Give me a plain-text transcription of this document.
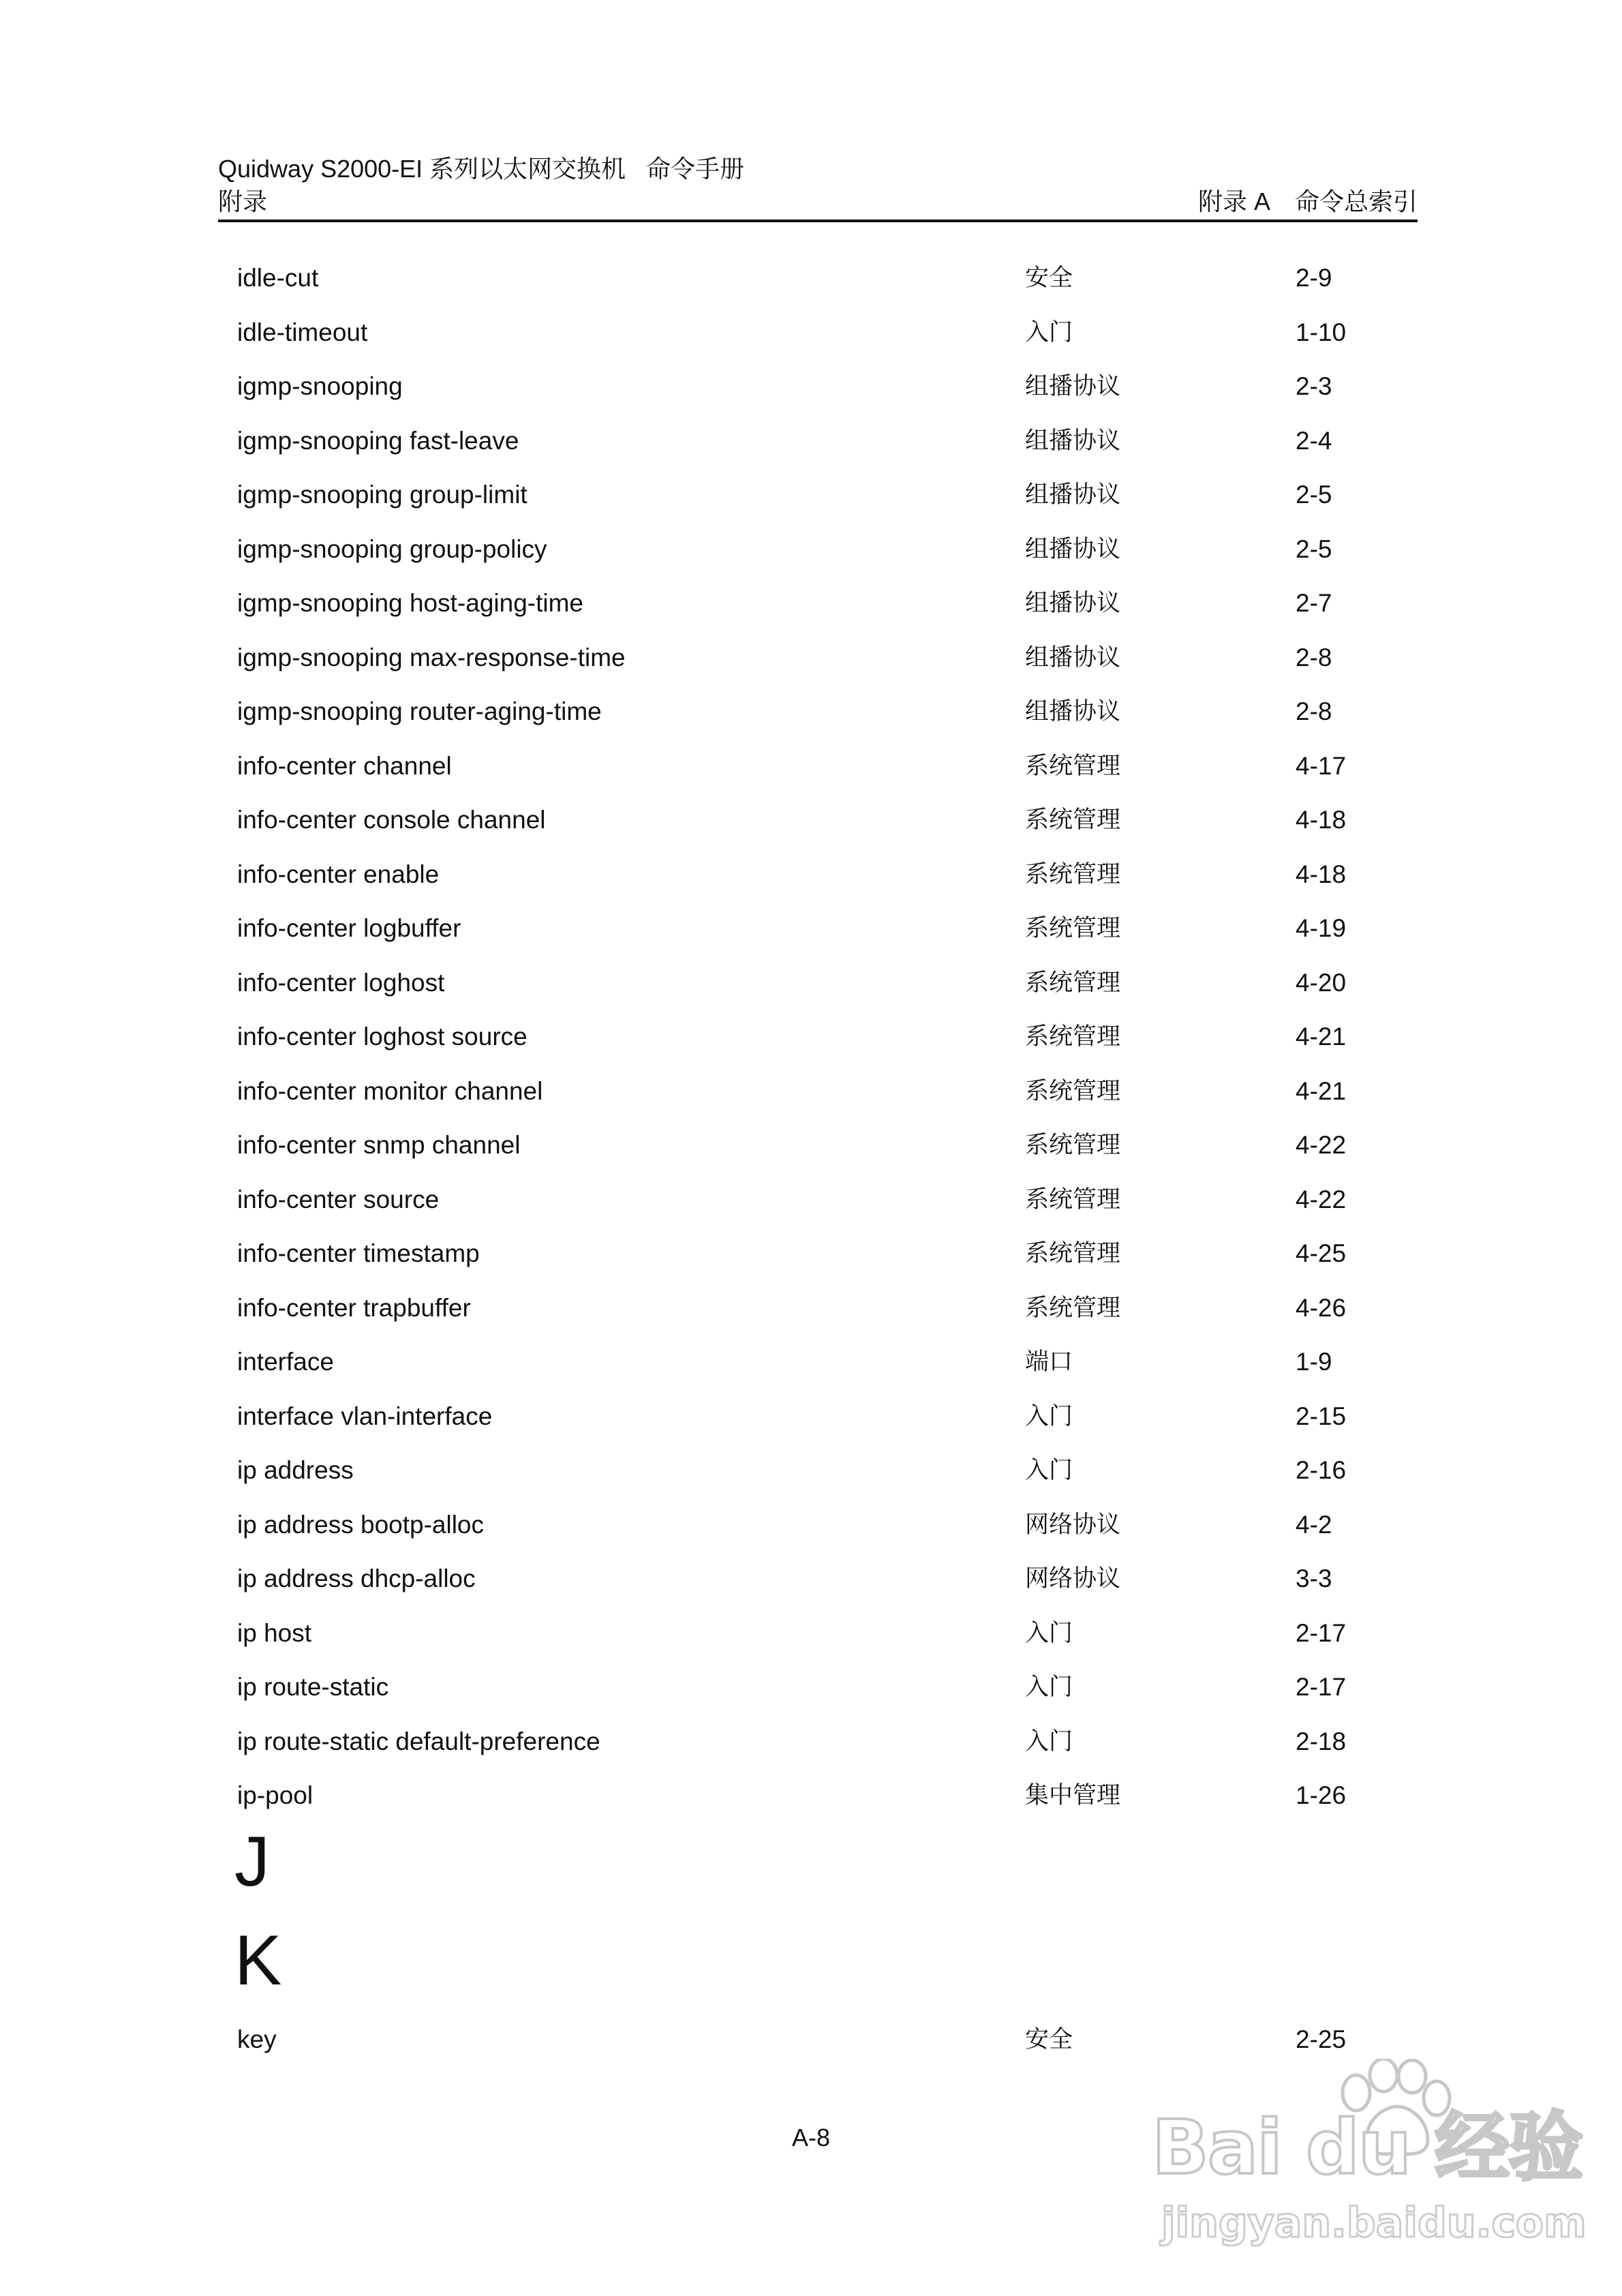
Quidway S2000-EI 系列以太网交换机 命令手册
附录	附录 A 命令总索引
idle-cut	安全	2-9
idle-timeout	入门	1-10
igmp-snooping	组播协议	2-3
igmp-snooping fast-leave	组播协议	2-4
igmp-snooping group-limit	组播协议	2-5
igmp-snooping group-policy	组播协议	2-5
igmp-snooping host-aging-time	组播协议	2-7
igmp-snooping max-response-time	组播协议	2-8
igmp-snooping router-aging-time	组播协议	2-8
info-center channel	系统管理	4-17
info-center console channel	系统管理	4-18
info-center enable	系统管理	4-18
info-center logbuffer	系统管理	4-19
info-center loghost	系统管理	4-20
info-center loghost source	系统管理	4-21
info-center monitor channel	系统管理	4-21
info-center snmp channel	系统管理	4-22
info-center source	系统管理	4-22
info-center timestamp	系统管理	4-25
info-center trapbuffer	系统管理	4-26
interface	端口	1-9
interface vlan-interface	入门	2-15
ip address	入门	2-16
ip address bootp-alloc	网络协议	4-2
ip address dhcp-alloc	网络协议	3-3
ip host	入门	2-17
ip route-static	入门	2-17
ip route-static default-preference	入门	2-18
ip-pool	集中管理	1-26
J
K
key	安全	2-25
A-8	Bai du 经验
jingyan.baidu.com
